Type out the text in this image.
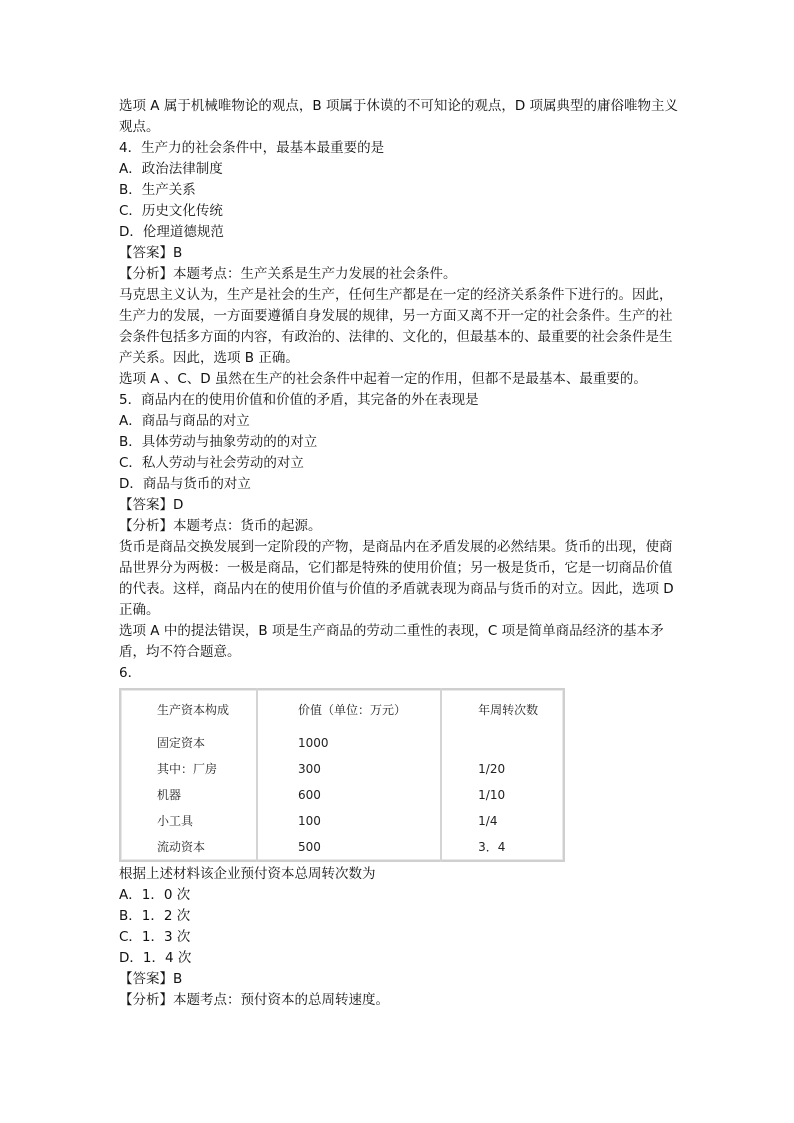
选项 A 属于机械唯物论的观点，B 项属于休谟的不可知论的观点，D 项属典型的庸俗唯物主义观点。

4．生产力的社会条件中，最基本最重要的是

A．政治法律制度

B．生产关系

C．历史文化传统

D．伦理道德规范

【答案】B

【分析】本题考点：生产关系是生产力发展的社会条件。

马克思主义认为，生产是社会的生产，任何生产都是在一定的经济关系条件下进行的。因此，生产力的发展，一方面要遵循自身发展的规律，另一方面又离不开一定的社会条件。生产的社会条件包括多方面的内容，有政治的、法律的、文化的，但最基本的、最重要的社会条件是生产关系。因此，选项 B 正确。

选项 A 、C、D 虽然在生产的社会条件中起着一定的作用，但都不是最基本、最重要的。

5．商品内在的使用价值和价值的矛盾，其完备的外在表现是

A．商品与商品的对立

B．具体劳动与抽象劳动的的对立

C．私人劳动与社会劳动的对立

D．商品与货币的对立

【答案】D

【分析】本题考点：货币的起源。

货币是商品交换发展到一定阶段的产物，是商品内在矛盾发展的必然结果。货币的出现，使商品世界分为两极：一极是商品，它们都是特殊的使用价值；另一极是货币，它是一切商品价值的代表。这样，商品内在的使用价值与价值的矛盾就表现为商品与货币的对立。因此，选项 D 正确。

选项 A 中的提法错误，B 项是生产商品的劳动二重性的表现，C 项是简单商品经济的基本矛盾，均不符合题意。

6．

生产资本构成	价值（单位：万元）	年周转次数
固定资本	1000	
其中：厂房	300	1/20
机器	600	1/10
小工具	100	1/4
流动资本	500	3．4

根据上述材料该企业预付资本总周转次数为

A．1．0 次

B．1．2 次

C．1．3 次

D．1．4 次

【答案】B

【分析】本题考点：预付资本的总周转速度。
